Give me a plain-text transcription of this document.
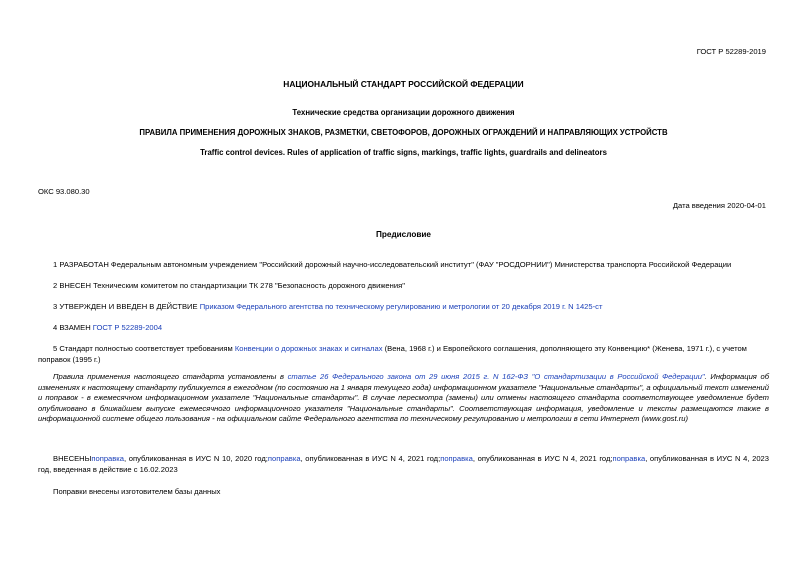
ГОСТ Р 52289-2019
НАЦИОНАЛЬНЫЙ СТАНДАРТ РОССИЙСКОЙ ФЕДЕРАЦИИ
Технические средства организации дорожного движения
ПРАВИЛА ПРИМЕНЕНИЯ ДОРОЖНЫХ ЗНАКОВ, РАЗМЕТКИ, СВЕТОФОРОВ, ДОРОЖНЫХ ОГРАЖДЕНИЙ И НАПРАВЛЯЮЩИХ УСТРОЙСТВ
Traffic control devices. Rules of application of traffic signs, markings, traffic lights, guardrails and delineators
ОКС 93.080.30
Дата введения 2020-04-01
Предисловие

1 РАЗРАБОТАН Федеральным автономным учреждением "Российский дорожный научно-исследовательский институт" (ФАУ "РОСДОРНИИ") Министерства транспорта Российской Федерации

2 ВНЕСЕН Техническим комитетом по стандартизации ТК 278 "Безопасность дорожного движения"

3 УТВЕРЖДЕН И ВВЕДЕН В ДЕЙСТВИЕ Приказом Федерального агентства по техническому регулированию и метрологии от 20 декабря 2019 г. N 1425-ст

4 ВЗАМЕН ГОСТ Р 52289-2004

5 Стандарт полностью соответствует требованиям Конвенции о дорожных знаках и сигналах (Вена, 1968 г.) и Европейского соглашения, дополняющего эту Конвенцию* (Женева, 1971 г.), с учетом поправок (1995 г.)

Правила применения настоящего стандарта установлены в статье 26 Федерального закона от 29 июня 2015 г. N 162-ФЗ "О стандартизации в Российской Федерации". Информация об изменениях к настоящему стандарту публикуется в ежегодном (по состоянию на 1 января текущего года) информационном указателе "Национальные стандарты", а официальный текст изменений и поправок - в ежемесячном информационном указателе "Национальные стандарты". В случае пересмотра (замены) или отмены настоящего стандарта соответствующее уведомление будет опубликовано в ближайшем выпуске ежемесячного информационного указателя "Национальные стандарты". Соответствующая информация, уведомление и тексты размещаются также в информационной системе общего пользования - на официальном сайте Федерального агентства по техническому регулированию и метрологии в сети Интернет (www.gost.ru)

ВНЕСЕНЫпоправка, опубликованная в ИУС N 10, 2020 год;поправка, опубликованная в ИУС N 4, 2021 год;поправка, опубликованная в ИУС N 4, 2021 год;поправка, опубликованная в ИУС N 4, 2023 год, введенная в действие с 16.02.2023

Поправки внесены изготовителем базы данных
